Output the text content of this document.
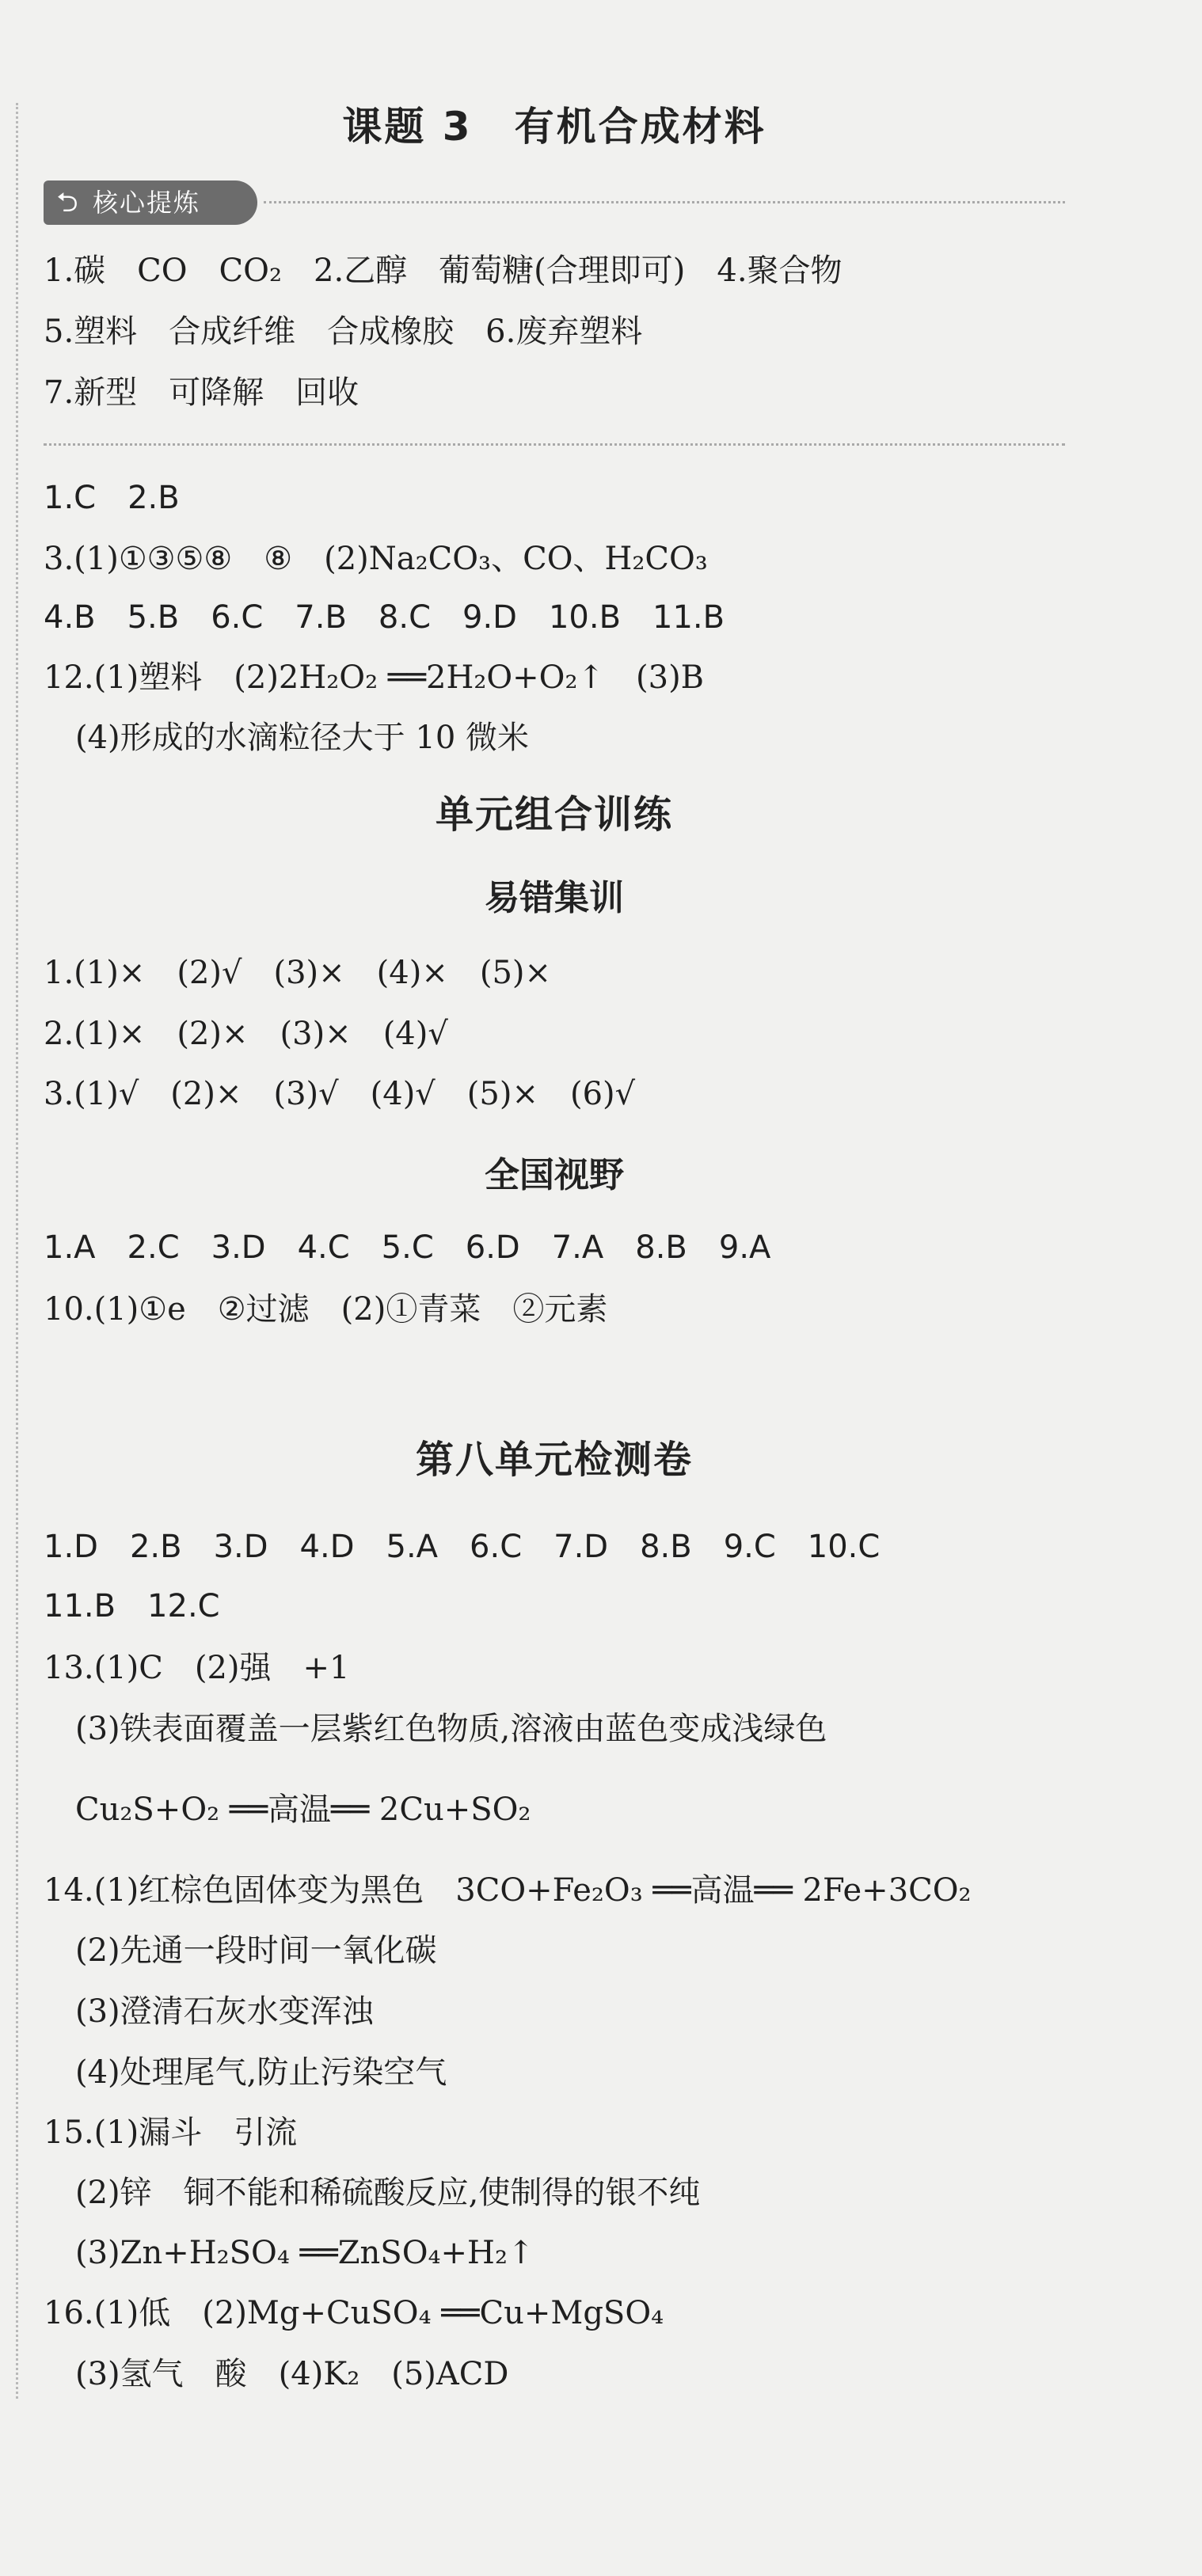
课题 3　有机合成材料
⮌ 核心提炼
1.碳　CO　CO₂　2.乙醇　葡萄糖(合理即可)　4.聚合物
5.塑料　合成纤维　合成橡胶　6.废弃塑料
7.新型　可降解　回收
1.C　2.B
3.(1)①③⑤⑧　⑧　(2)Na₂CO₃、CO、H₂CO₃
4.B　5.B　6.C　7.B　8.C　9.D　10.B　11.B
12.(1)塑料　(2)2H₂O₂ ══2H₂O+O₂↑　(3)B
　(4)形成的水滴粒径大于 10 微米
单元组合训练
易错集训
1.(1)×　(2)√　(3)×　(4)×　(5)×
2.(1)×　(2)×　(3)×　(4)√
3.(1)√　(2)×　(3)√　(4)√　(5)×　(6)√
全国视野
1.A　2.C　3.D　4.C　5.C　6.D　7.A　8.B　9.A
10.(1)①e　②过滤　(2)①青菜　②元素
第八单元检测卷
1.D　2.B　3.D　4.D　5.A　6.C　7.D　8.B　9.C　10.C
11.B　12.C
13.(1)C　(2)强　+1
　(3)铁表面覆盖一层紫红色物质,溶液由蓝色变成浅绿色
　Cu₂S+O₂ ══高温══ 2Cu+SO₂
14.(1)红棕色固体变为黑色　3CO+Fe₂O₃ ══高温══ 2Fe+3CO₂
　(2)先通一段时间一氧化碳
　(3)澄清石灰水变浑浊
　(4)处理尾气,防止污染空气
15.(1)漏斗　引流
　(2)锌　铜不能和稀硫酸反应,使制得的银不纯
　(3)Zn+H₂SO₄ ══ZnSO₄+H₂↑
16.(1)低　(2)Mg+CuSO₄ ══Cu+MgSO₄
　(3)氢气　酸　(4)K₂　(5)ACD
